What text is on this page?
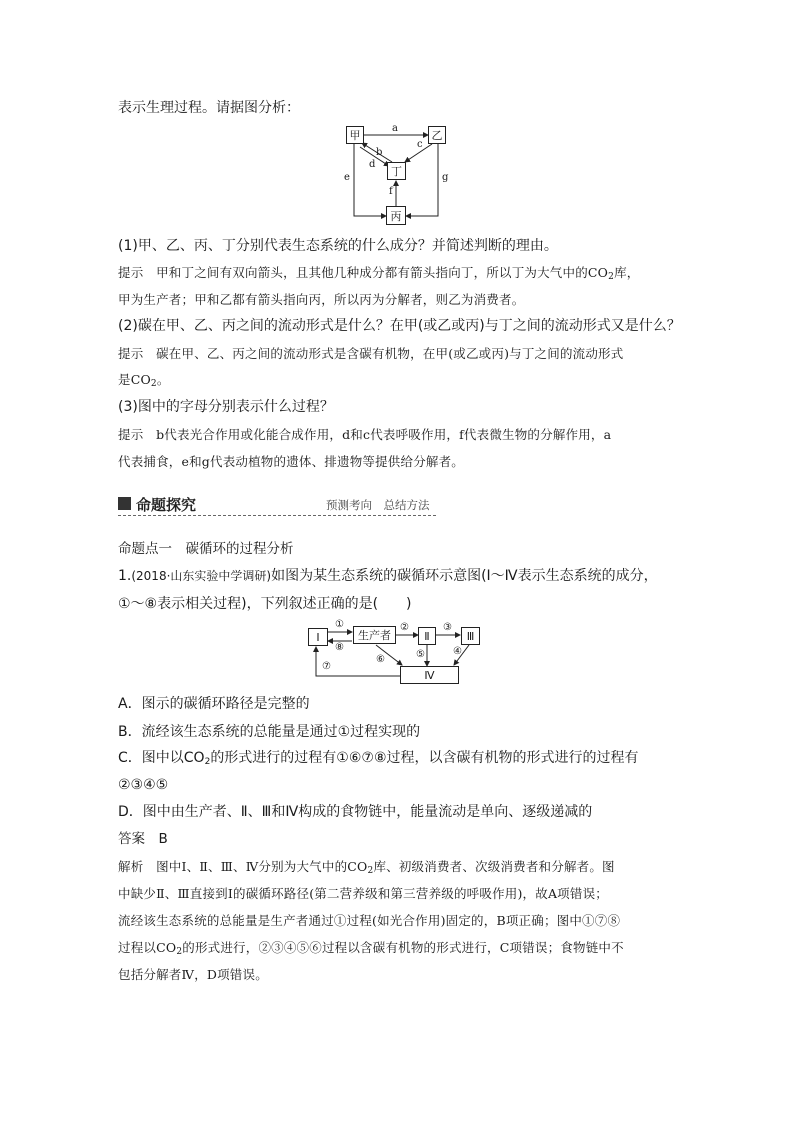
表示生理过程。请据图分析：
甲	乙
丁
丙
a
b
c
d
e
f
g
(1)甲、乙、丙、丁分别代表生态系统的什么成分？并简述判断的理由。
提示　甲和丁之间有双向箭头，且其他几种成分都有箭头指向丁，所以丁为大气中的$CO_2$库，
甲为生产者；甲和乙都有箭头指向丙，所以丙为分解者，则乙为消费者。
(2)碳在甲、乙、丙之间的流动形式是什么？在甲(或乙或丙)与丁之间的流动形式又是什么？
提示　碳在甲、乙、丙之间的流动形式是含碳有机物，在甲(或乙或丙)与丁之间的流动形式
是$CO_2$。
(3)图中的字母分别表示什么过程？
提示　b代表光合作用或化能合成作用，d和c代表呼吸作用，f代表微生物的分解作用，a
代表捕食，e和g代表动植物的遗体、排遗物等提供给分解者。
命题探究	预测考向　总结方法
命题点一　碳循环的过程分析
1.(2018·山东实验中学调研)如图为某生态系统的碳循环示意图(Ⅰ～Ⅳ表示生态系统的成分，
①～⑧表示相关过程)，下列叙述正确的是(　　)
Ⅰ	生产者	Ⅱ	Ⅲ
Ⅳ
①	②	③
④
⑤
⑥
⑦
⑧
A．图示的碳循环路径是完整的
B．流经该生态系统的总能量是通过①过程实现的
C．图中以$CO_2$的形式进行的过程有①⑥⑦⑧过程，以含碳有机物的形式进行的过程有
②③④⑤
D．图中由生产者、Ⅱ、Ⅲ和Ⅳ构成的食物链中，能量流动是单向、逐级递减的
答案　B
解析　图中Ⅰ、Ⅱ、Ⅲ、Ⅳ分别为大气中的$CO_2$库、初级消费者、次级消费者和分解者。图
中缺少Ⅱ、Ⅲ直接到Ⅰ的碳循环路径(第二营养级和第三营养级的呼吸作用)，故A项错误；
流经该生态系统的总能量是生产者通过①过程(如光合作用)固定的，B项正确；图中①⑦⑧
过程以$CO_2$的形式进行，②③④⑤⑥过程以含碳有机物的形式进行，C项错误；食物链中不
包括分解者Ⅳ，D项错误。
